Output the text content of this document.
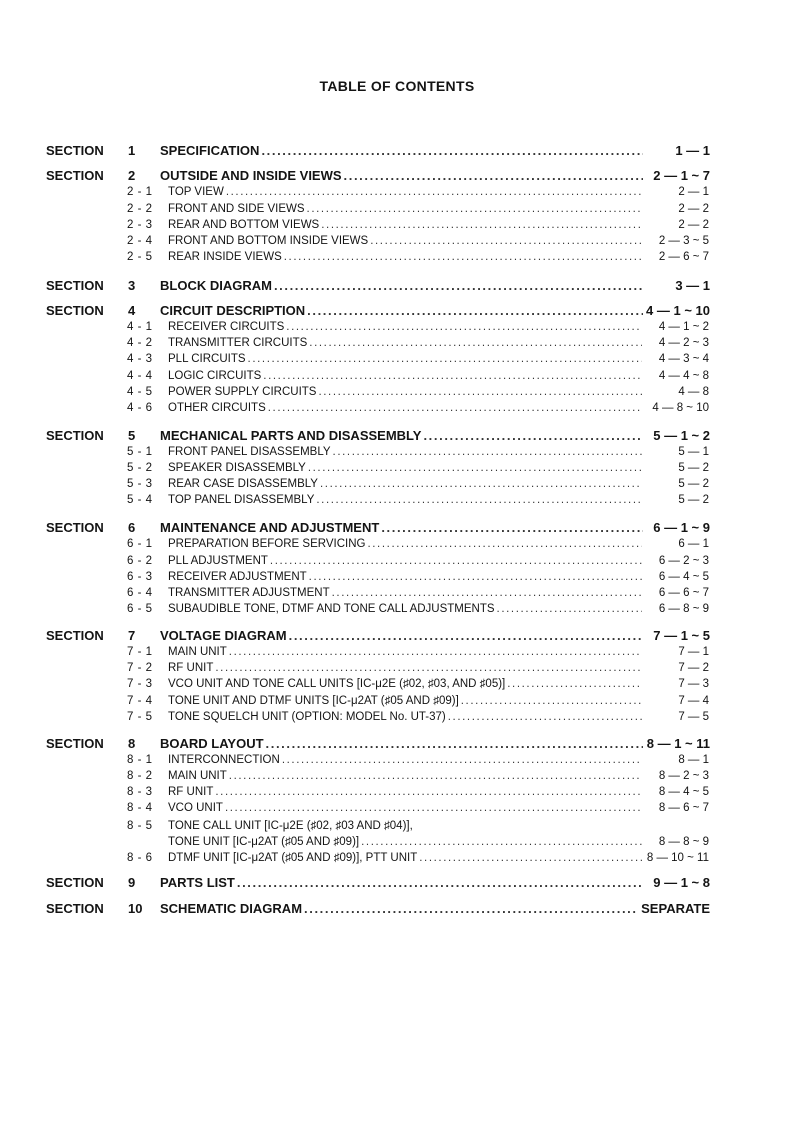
TABLE OF CONTENTS
SECTION 1 SPECIFICATION .....	1 — 1
SECTION 2 OUTSIDE AND INSIDE VIEWS .....	2 — 1 ~ 7
2 - 1 TOP VIEW .....	2 — 1
2 - 2 FRONT AND SIDE VIEWS .....	2 — 2
2 - 3 REAR AND BOTTOM VIEWS .....	2 — 2
2 - 4 FRONT AND BOTTOM INSIDE VIEWS .....	2 — 3 ~ 5
2 - 5 REAR INSIDE VIEWS .....	2 — 6 ~ 7
SECTION 3 BLOCK DIAGRAM .....	3 — 1
SECTION 4 CIRCUIT DESCRIPTION .....	4 — 1 ~ 10
4 - 1 RECEIVER CIRCUITS .....	4 — 1 ~ 2
4 - 2 TRANSMITTER CIRCUITS .....	4 — 2 ~ 3
4 - 3 PLL CIRCUITS .....	4 — 3 ~ 4
4 - 4 LOGIC CIRCUITS .....	4 — 4 ~ 8
4 - 5 POWER SUPPLY CIRCUITS .....	4 — 8
4 - 6 OTHER CIRCUITS .....	4 — 8 ~ 10
SECTION 5 MECHANICAL PARTS AND DISASSEMBLY .....	5 — 1 ~ 2
5 - 1 FRONT PANEL DISASSEMBLY .....	5 — 1
5 - 2 SPEAKER DISASSEMBLY .....	5 — 2
5 - 3 REAR CASE DISASSEMBLY .....	5 — 2
5 - 4 TOP PANEL DISASSEMBLY .....	5 — 2
SECTION 6 MAINTENANCE AND ADJUSTMENT .....	6 — 1 ~ 9
6 - 1 PREPARATION BEFORE SERVICING .....	6 — 1
6 - 2 PLL ADJUSTMENT .....	6 — 2 ~ 3
6 - 3 RECEIVER ADJUSTMENT .....	6 — 4 ~ 5
6 - 4 TRANSMITTER ADJUSTMENT .....	6 — 6 ~ 7
6 - 5 SUBAUDIBLE TONE, DTMF AND TONE CALL ADJUSTMENTS .....	6 — 8 ~ 9
SECTION 7 VOLTAGE DIAGRAM .....	7 — 1 ~ 5
7 - 1 MAIN UNIT .....	7 — 1
7 - 2 RF UNIT .....	7 — 2
7 - 3 VCO UNIT AND TONE CALL UNITS [IC-μ2E (♯02, ♯03, AND ♯05)] .....	7 — 3
7 - 4 TONE UNIT AND DTMF UNITS [IC-μ2AT (♯05 AND ♯09)] .....	7 — 4
7 - 5 TONE SQUELCH UNIT (OPTION: MODEL No. UT-37) .....	7 — 5
SECTION 8 BOARD LAYOUT .....	8 — 1 ~ 11
8 - 1 INTERCONNECTION .....	8 — 1
8 - 2 MAIN UNIT .....	8 — 2 ~ 3
8 - 3 RF UNIT .....	8 — 4 ~ 5
8 - 4 VCO UNIT .....	8 — 6 ~ 7
8 - 5 TONE CALL UNIT [IC-μ2E (♯02, ♯03 AND ♯04)],
TONE UNIT [IC-μ2AT (♯05 AND ♯09)] .....	8 — 8 ~ 9
8 - 6 DTMF UNIT [IC-μ2AT (♯05 AND ♯09)], PTT UNIT .....	8 — 10 ~ 11
SECTION 9 PARTS LIST .....	9 — 1 ~ 8
SECTION 10 SCHEMATIC DIAGRAM .....	SEPARATE
